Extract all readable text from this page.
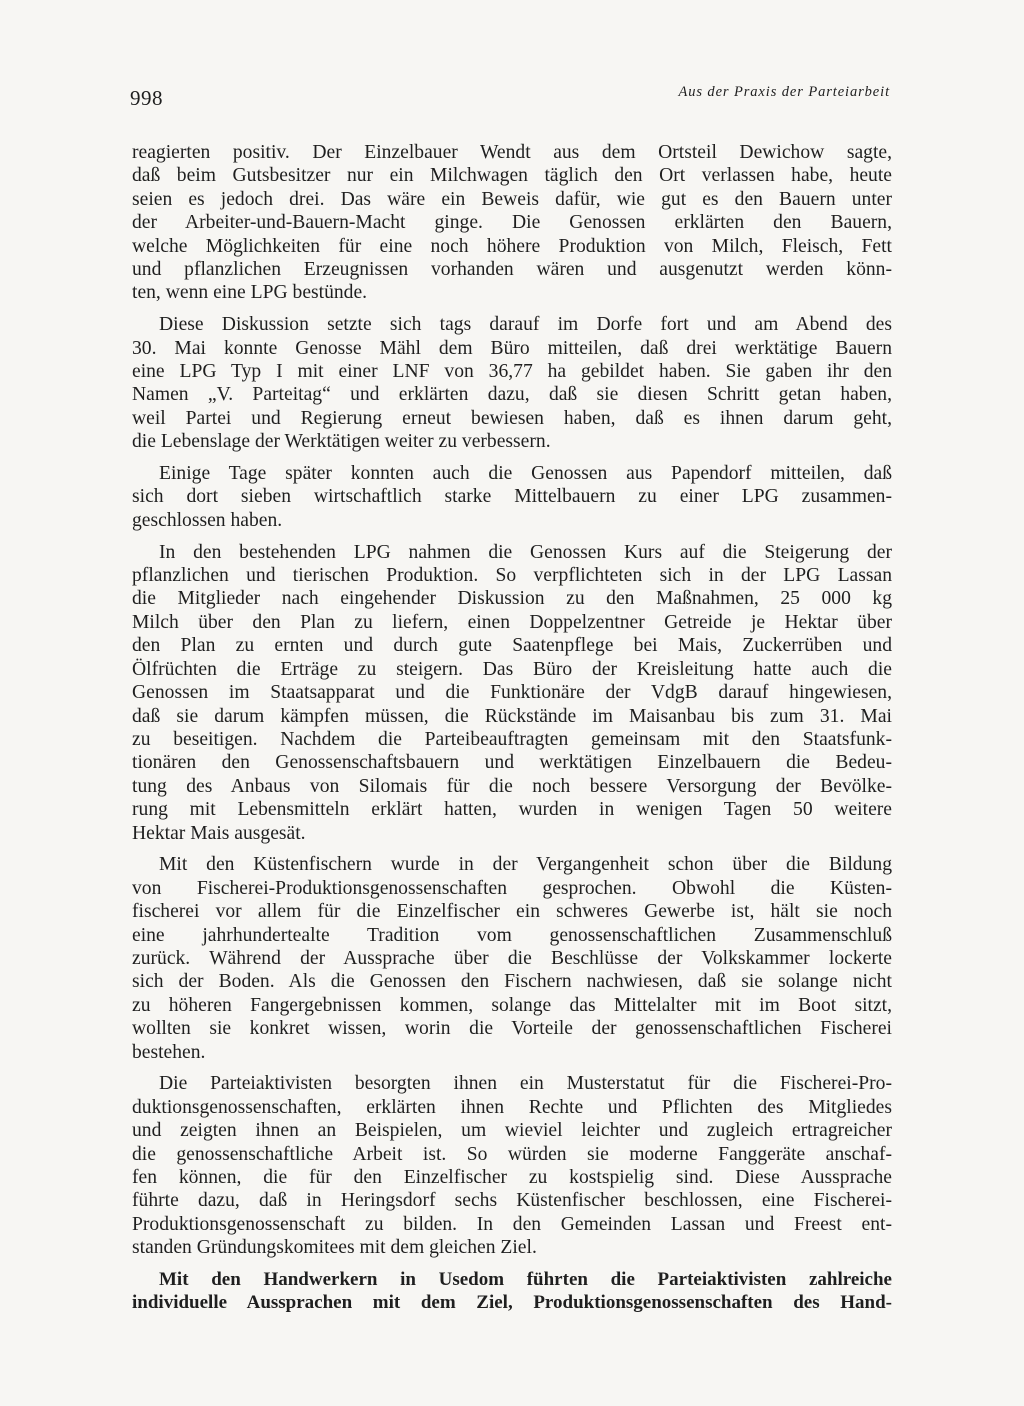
998	Aus der Praxis der Parteiarbeit

reagierten positiv. Der Einzelbauer Wendt aus dem Ortsteil Dewichow sagte,
daß beim Gutsbesitzer nur ein Milchwagen täglich den Ort verlassen habe, heute
seien es jedoch drei. Das wäre ein Beweis dafür, wie gut es den Bauern unter
der Arbeiter-und-Bauern-Macht ginge. Die Genossen erklärten den Bauern,
welche Möglichkeiten für eine noch höhere Produktion von Milch, Fleisch, Fett
und pflanzlichen Erzeugnissen vorhanden wären und ausgenutzt werden könn-
ten, wenn eine LPG bestünde.

Diese Diskussion setzte sich tags darauf im Dorfe fort und am Abend des
30. Mai konnte Genosse Mähl dem Büro mitteilen, daß drei werktätige Bauern
eine LPG Typ I mit einer LNF von 36,77 ha gebildet haben. Sie gaben ihr den
Namen „V. Parteitag“ und erklärten dazu, daß sie diesen Schritt getan haben,
weil Partei und Regierung erneut bewiesen haben, daß es ihnen darum geht,
die Lebenslage der Werktätigen weiter zu verbessern.

Einige Tage später konnten auch die Genossen aus Papendorf mitteilen, daß
sich dort sieben wirtschaftlich starke Mittelbauern zu einer LPG zusammen-
geschlossen haben.

In den bestehenden LPG nahmen die Genossen Kurs auf die Steigerung der
pflanzlichen und tierischen Produktion. So verpflichteten sich in der LPG Lassan
die Mitglieder nach eingehender Diskussion zu den Maßnahmen, 25 000 kg
Milch über den Plan zu liefern, einen Doppelzentner Getreide je Hektar über
den Plan zu ernten und durch gute Saatenpflege bei Mais, Zuckerrüben und
Ölfrüchten die Erträge zu steigern. Das Büro der Kreisleitung hatte auch die
Genossen im Staatsapparat und die Funktionäre der VdgB darauf hingewiesen,
daß sie darum kämpfen müssen, die Rückstände im Maisanbau bis zum 31. Mai
zu beseitigen. Nachdem die Parteibeauftragten gemeinsam mit den Staatsfunk-
tionären den Genossenschaftsbauern und werktätigen Einzelbauern die Bedeu-
tung des Anbaus von Silomais für die noch bessere Versorgung der Bevölke-
rung mit Lebensmitteln erklärt hatten, wurden in wenigen Tagen 50 weitere
Hektar Mais ausgesät.

Mit den Küstenfischern wurde in der Vergangenheit schon über die Bildung
von Fischerei-Produktionsgenossenschaften gesprochen. Obwohl die Küsten-
fischerei vor allem für die Einzelfischer ein schweres Gewerbe ist, hält sie noch
eine jahrhundertealte Tradition vom genossenschaftlichen Zusammenschluß
zurück. Während der Aussprache über die Beschlüsse der Volkskammer lockerte
sich der Boden. Als die Genossen den Fischern nachwiesen, daß sie solange nicht
zu höheren Fangergebnissen kommen, solange das Mittelalter mit im Boot sitzt,
wollten sie konkret wissen, worin die Vorteile der genossenschaftlichen Fischerei
bestehen.

Die Parteiaktivisten besorgten ihnen ein Musterstatut für die Fischerei-Pro-
duktionsgenossenschaften, erklärten ihnen Rechte und Pflichten des Mitgliedes
und zeigten ihnen an Beispielen, um wieviel leichter und zugleich ertragreicher
die genossenschaftliche Arbeit ist. So würden sie moderne Fanggeräte anschaf-
fen können, die für den Einzelfischer zu kostspielig sind. Diese Aussprache
führte dazu, daß in Heringsdorf sechs Küstenfischer beschlossen, eine Fischerei-
Produktionsgenossenschaft zu bilden. In den Gemeinden Lassan und Freest ent-
standen Gründungskomitees mit dem gleichen Ziel.

Mit den Handwerkern in Usedom führten die Parteiaktivisten zahlreiche
individuelle Aussprachen mit dem Ziel, Produktionsgenossenschaften des Hand-
